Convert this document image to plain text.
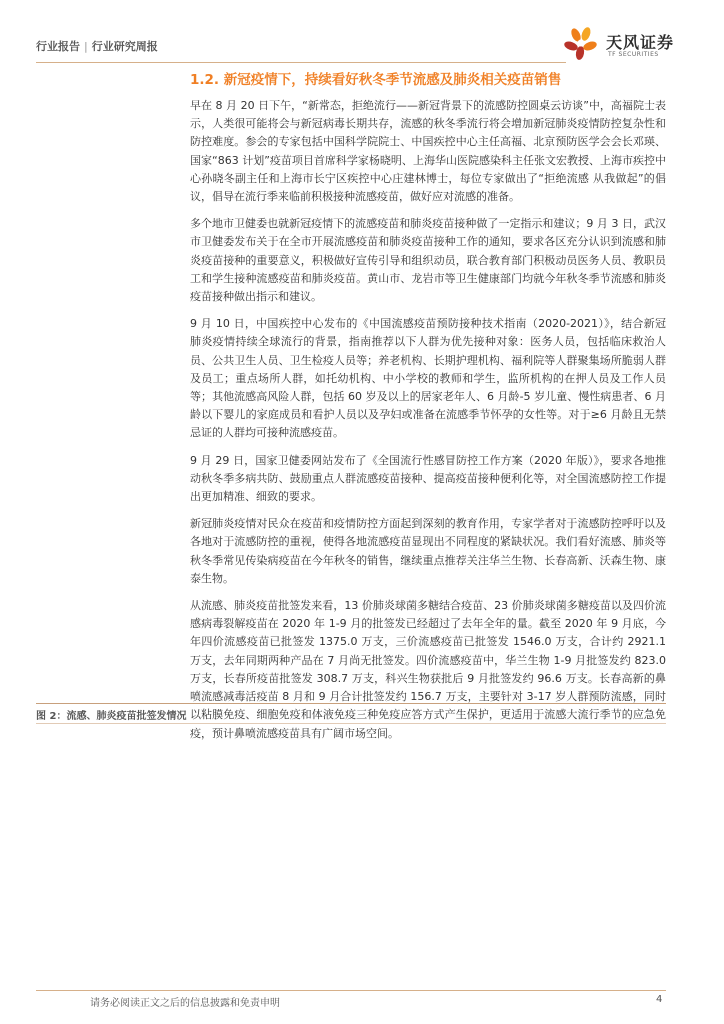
行业报告 | 行业研究周报	天风证券
TF SECURITIES
1.2. 新冠疫情下，持续看好秋冬季节流感及肺炎相关疫苗销售

早在 8 月 20 日下午，“新常态，拒绝流行——新冠背景下的流感防控圆桌云访谈”中，高福院士表示，人类很可能将会与新冠病毒长期共存，流感的秋冬季流行将会增加新冠肺炎疫情防控复杂性和防控难度。参会的专家包括中国科学院院士、中国疾控中心主任高福、北京预防医学会会长邓瑛、国家“863 计划”疫苗项目首席科学家杨晓明、上海华山医院感染科主任张文宏教授、上海市疾控中心孙晓冬副主任和上海市长宁区疾控中心庄建林博士，每位专家做出了“拒绝流感 从我做起”的倡议，倡导在流行季来临前积极接种流感疫苗，做好应对流感的准备。

多个地市卫健委也就新冠疫情下的流感疫苗和肺炎疫苗接种做了一定指示和建议；9 月 3 日，武汉市卫健委发布关于在全市开展流感疫苗和肺炎疫苗接种工作的通知，要求各区充分认识到流感和肺炎疫苗接种的重要意义，积极做好宣传引导和组织动员，联合教育部门积极动员医务人员、教职员工和学生接种流感疫苗和肺炎疫苗。黄山市、龙岩市等卫生健康部门均就今年秋冬季节流感和肺炎疫苗接种做出指示和建议。

9 月 10 日，中国疾控中心发布的《中国流感疫苗预防接种技术指南（2020-2021）》，结合新冠肺炎疫情持续全球流行的背景，指南推荐以下人群为优先接种对象：医务人员，包括临床救治人员、公共卫生人员、卫生检疫人员等；养老机构、长期护理机构、福利院等人群聚集场所脆弱人群及员工；重点场所人群，如托幼机构、中小学校的教师和学生，监所机构的在押人员及工作人员等；其他流感高风险人群，包括 60 岁及以上的居家老年人、6 月龄-5 岁儿童、慢性病患者、6 月龄以下婴儿的家庭成员和看护人员以及孕妇或准备在流感季节怀孕的女性等。对于≥6 月龄且无禁忌证的人群均可接种流感疫苗。

9 月 29 日，国家卫健委网站发布了《全国流行性感冒防控工作方案（2020 年版）》，要求各地推动秋冬季多病共防、鼓励重点人群流感疫苗接种、提高疫苗接种便利化等，对全国流感防控工作提出更加精准、细致的要求。

新冠肺炎疫情对民众在疫苗和疫情防控方面起到深刻的教育作用，专家学者对于流感防控呼吁以及各地对于流感防控的重视，使得各地流感疫苗显现出不同程度的紧缺状况。我们看好流感、肺炎等秋冬季常见传染病疫苗在今年秋冬的销售，继续重点推荐关注华兰生物、长春高新、沃森生物、康泰生物。

从流感、肺炎疫苗批签发来看，13 价肺炎球菌多糖结合疫苗、23 价肺炎球菌多糖疫苗以及四价流感病毒裂解疫苗在 2020 年 1-9 月的批签发已经超过了去年全年的量。截至 2020 年 9 月底，今年四价流感疫苗已批签发 1375.0 万支，三价流感疫苗已批签发 1546.0 万支，合计约 2921.1 万支，去年同期两种产品在 7 月尚无批签发。四价流感疫苗中，华兰生物 1-9 月批签发约 823.0 万支，长春所疫苗批签发 308.7 万支，科兴生物获批后 9 月批签发约 96.6 万支。长春高新的鼻喷流感减毒活疫苗 8 月和 9 月合计批签发约 156.7 万支，主要针对 3-17 岁人群预防流感，同时以粘膜免疫、细胞免疫和体液免疫三种免疫应答方式产生保护，更适用于流感大流行季节的应急免疫，预计鼻喷流感疫苗具有广阔市场空间。

图 2：流感、肺炎疫苗批签发情况
请务必阅读正文之后的信息披露和免责申明	4
